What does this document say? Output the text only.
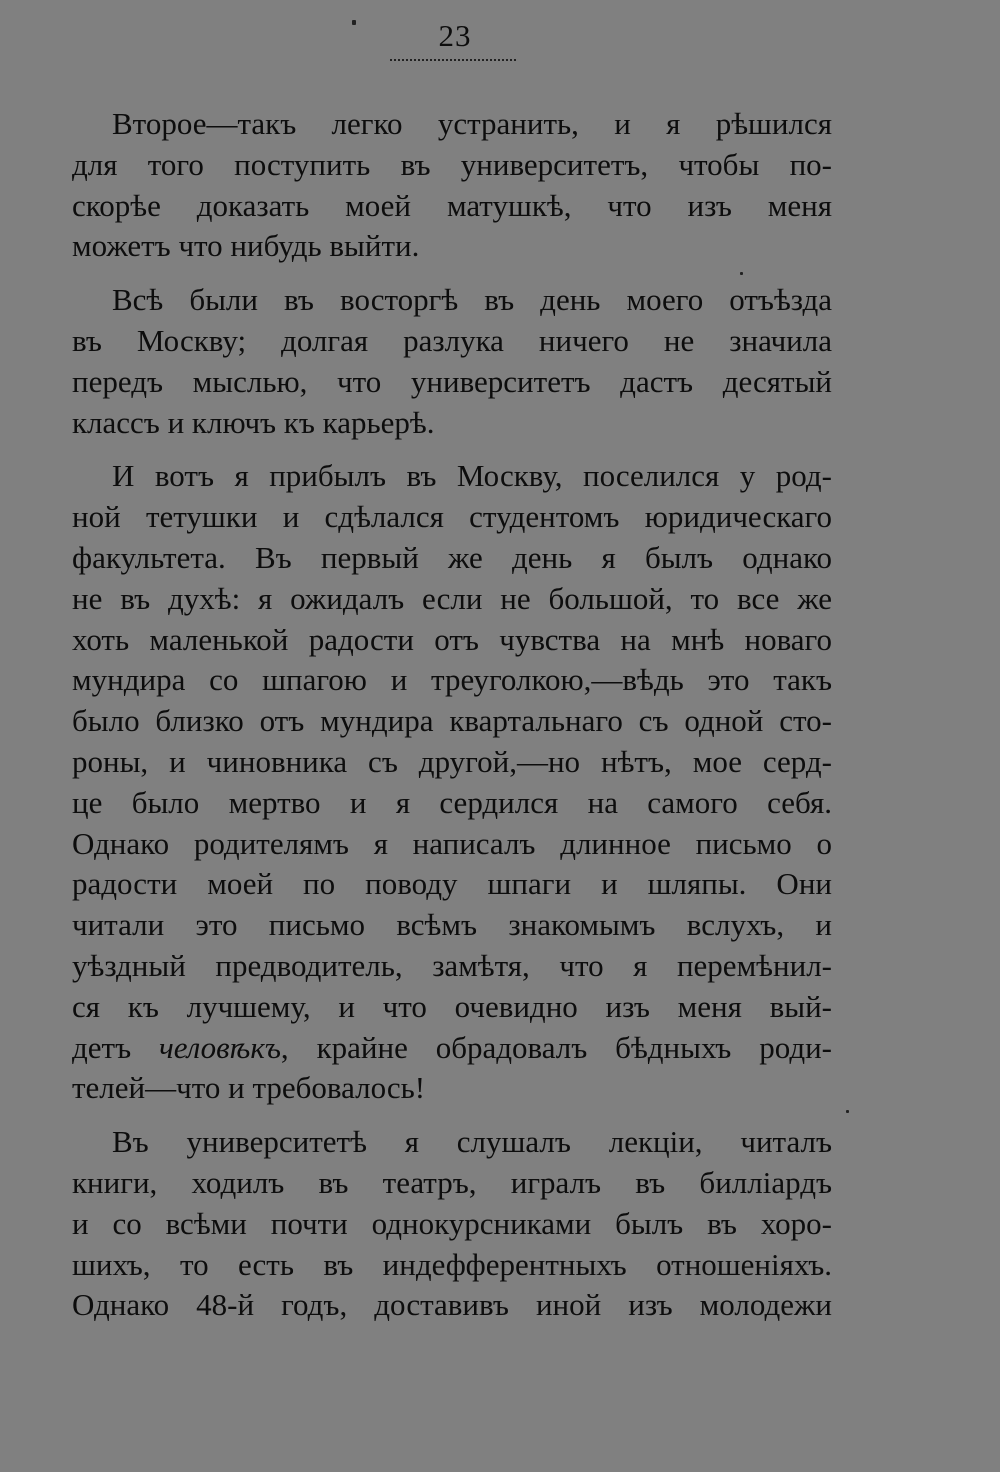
23
Второе—такъ легко устранить, и я рѣшился
для того поступить въ университетъ, чтобы по-
скорѣе доказать моей матушкѣ, что изъ меня
можетъ что нибудь выйти.
Всѣ были въ восторгѣ въ день моего отъѣзда
въ Москву; долгая разлука ничего не значила
передъ мыслью, что университетъ дастъ десятый
классъ и ключъ къ карьерѣ.
И вотъ я прибылъ въ Москву, поселился у род-
ной тетушки и сдѣлался студентомъ юридическаго
факультета. Въ первый же день я былъ однако
не въ духѣ: я ожидалъ если не большой, то все же
хоть маленькой радости отъ чувства на мнѣ новаго
мундира со шпагою и треуголкою,—вѣдь это такъ
было близко отъ мундира квартальнаго съ одной сто-
роны, и чиновника съ другой,—но нѣтъ, мое серд-
це было мертво и я сердился на самого себя.
Однако родителямъ я написалъ длинное письмо о
радости моей по поводу шпаги и шляпы. Они
читали это письмо всѣмъ знакомымъ вслухъ, и
уѣздный предводитель, замѣтя, что я перемѣнил-
ся къ лучшему, и что очевидно изъ меня вый-
детъ человѣкъ, крайне обрадовалъ бѣдныхъ роди-
телей—что и требовалось!
Въ университетѣ я слушалъ лекціи, читалъ
книги, ходилъ въ театръ, игралъ въ билліардъ
и со всѣми почти однокурсниками былъ въ хоро-
шихъ, то есть въ индефферентныхъ отношеніяхъ.
Однако 48-й годъ, доставивъ иной изъ молодежи
